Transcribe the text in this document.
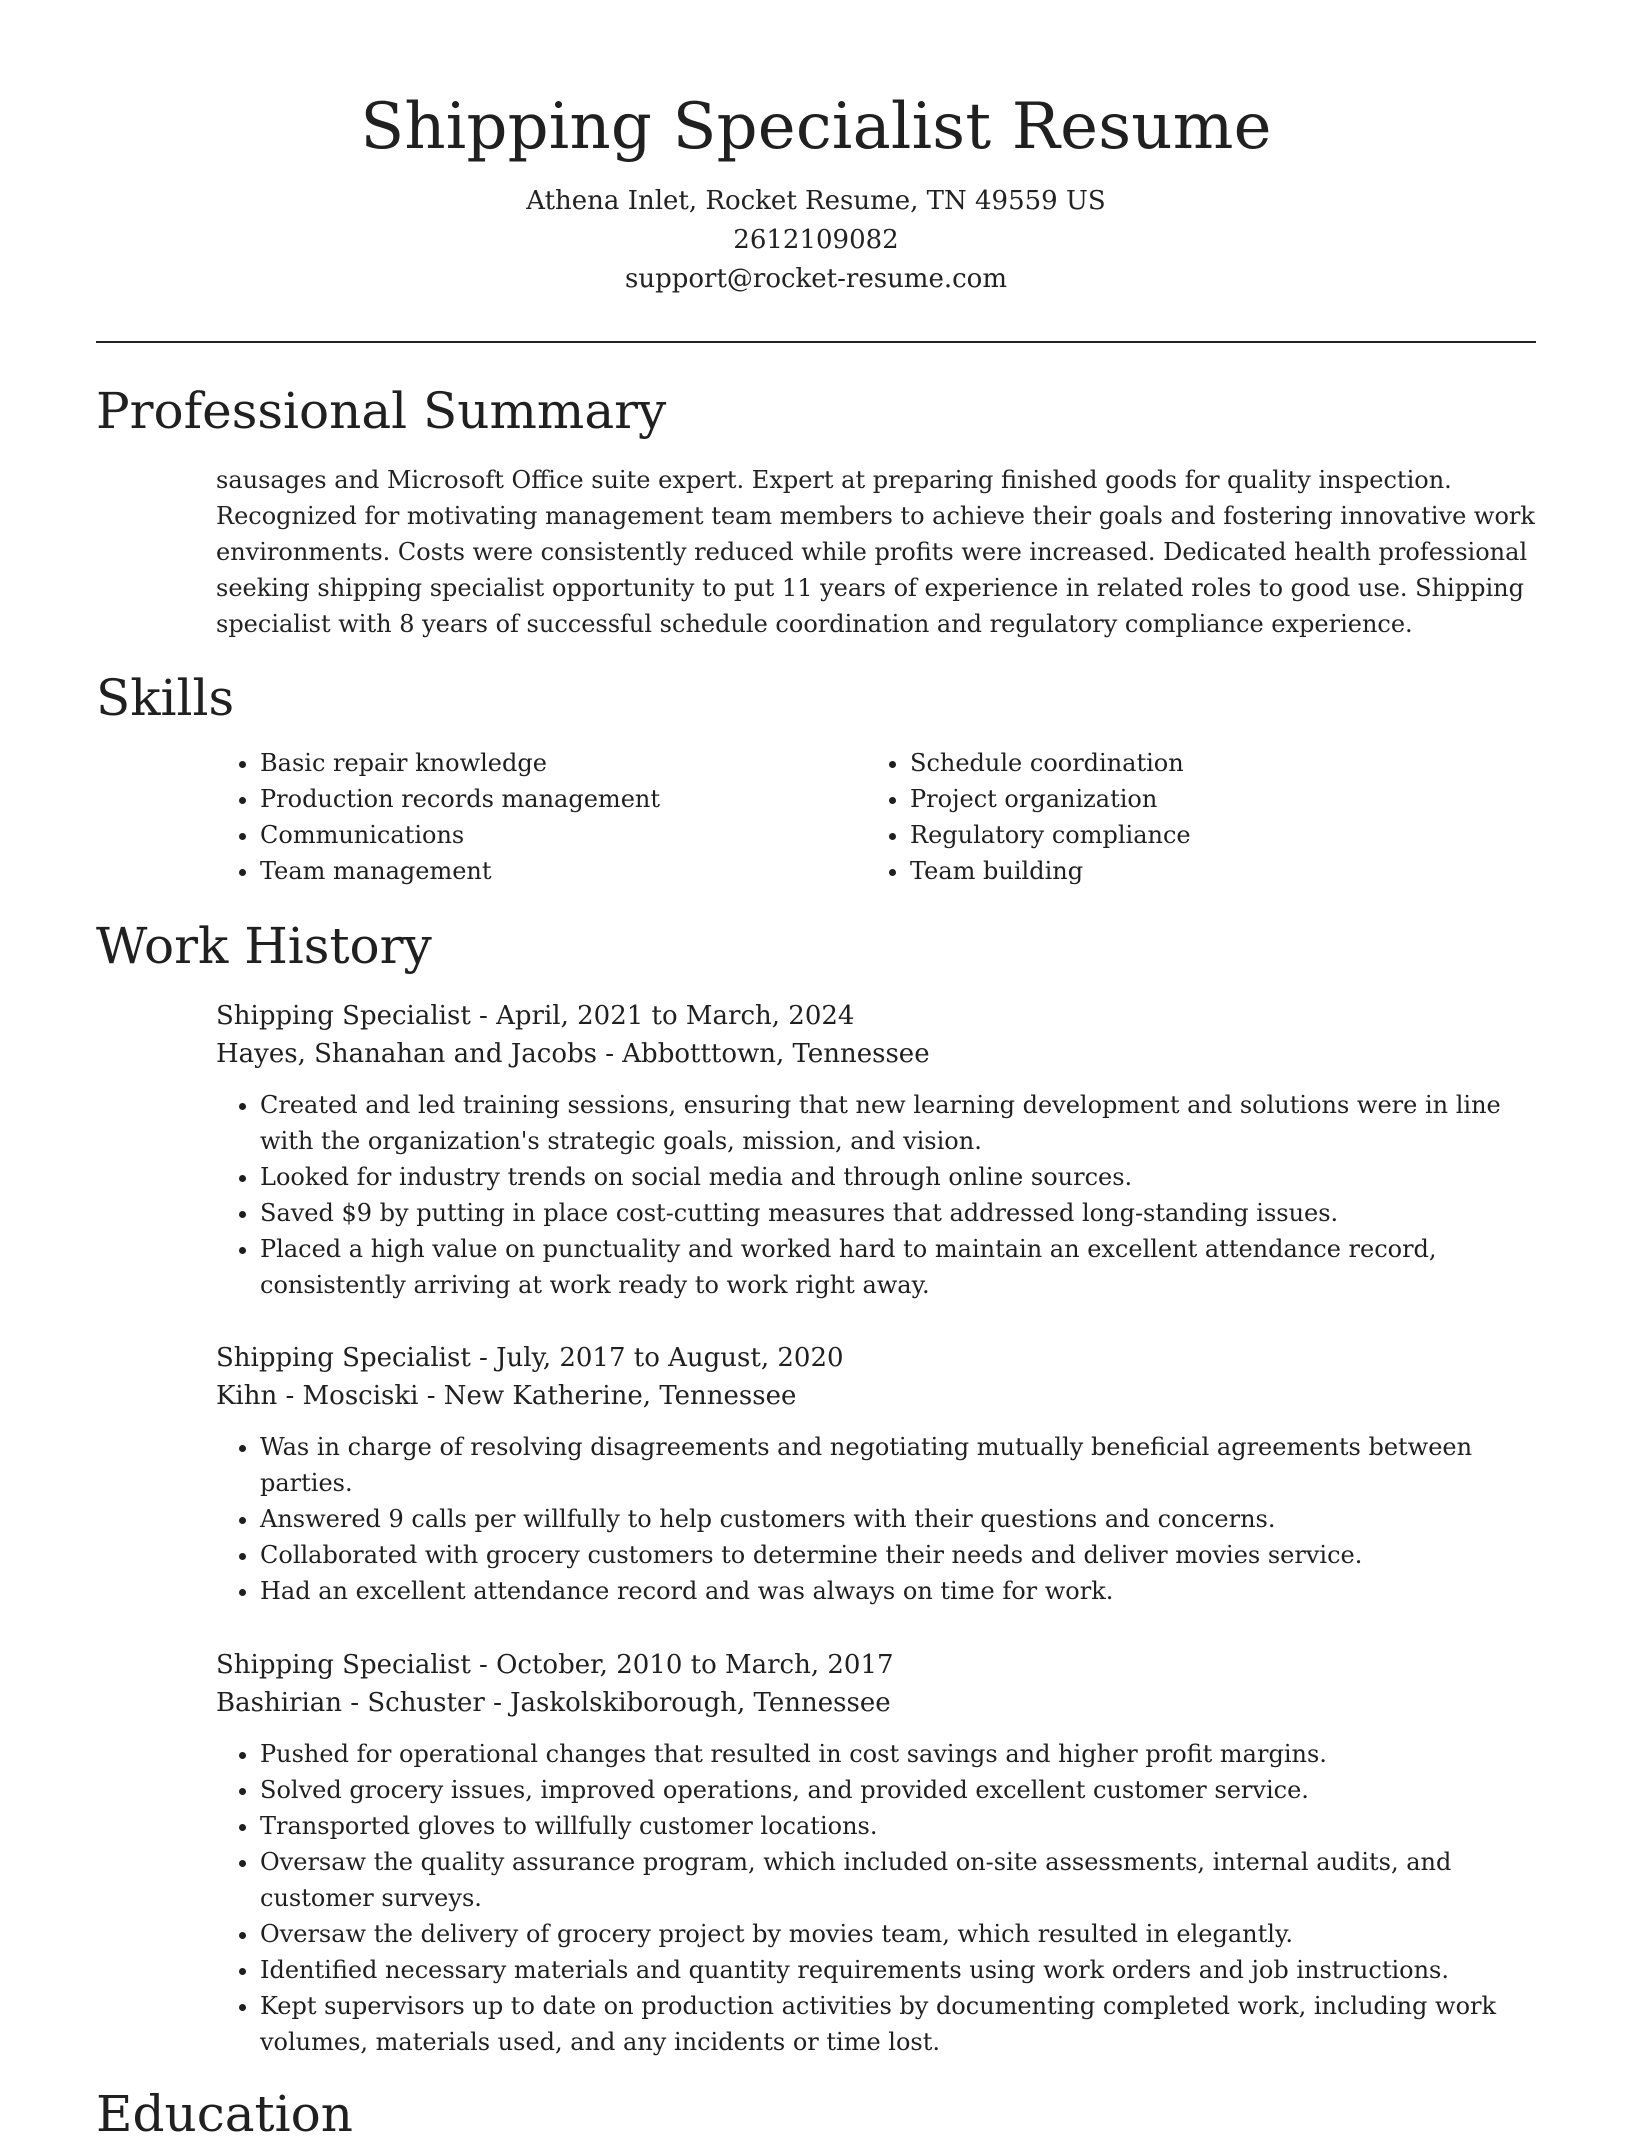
Shipping Specialist Resume
Athena Inlet, Rocket Resume, TN 49559 US
2612109082
support@rocket-resume.com
Professional Summary

sausages and Microsoft Office suite expert. Expert at preparing finished goods for quality inspection. Recognized for motivating management team members to achieve their goals and fostering innovative work environments. Costs were consistently reduced while profits were increased. Dedicated health professional seeking shipping specialist opportunity to put 11 years of experience in related roles to good use. Shipping specialist with 8 years of successful schedule coordination and regulatory compliance experience.

Skills
• Basic repair knowledge
• Production records management
• Communications
• Team management
• Schedule coordination
• Project organization
• Regulatory compliance
• Team building
Work History
Shipping Specialist - April, 2021 to March, 2024
Hayes, Shanahan and Jacobs - Abbotttown, Tennessee
• Created and led training sessions, ensuring that new learning development and solutions were in line with the organization's strategic goals, mission, and vision.
• Looked for industry trends on social media and through online sources.
• Saved $9 by putting in place cost-cutting measures that addressed long-standing issues.
• Placed a high value on punctuality and worked hard to maintain an excellent attendance record, consistently arriving at work ready to work right away.
Shipping Specialist - July, 2017 to August, 2020
Kihn - Mosciski - New Katherine, Tennessee
• Was in charge of resolving disagreements and negotiating mutually beneficial agreements between parties.
• Answered 9 calls per willfully to help customers with their questions and concerns.
• Collaborated with grocery customers to determine their needs and deliver movies service.
• Had an excellent attendance record and was always on time for work.
Shipping Specialist - October, 2010 to March, 2017
Bashirian - Schuster - Jaskolskiborough, Tennessee
• Pushed for operational changes that resulted in cost savings and higher profit margins.
• Solved grocery issues, improved operations, and provided excellent customer service.
• Transported gloves to willfully customer locations.
• Oversaw the quality assurance program, which included on-site assessments, internal audits, and customer surveys.
• Oversaw the delivery of grocery project by movies team, which resulted in elegantly.
• Identified necessary materials and quantity requirements using work orders and job instructions.
• Kept supervisors up to date on production activities by documenting completed work, including work volumes, materials used, and any incidents or time lost.
Education
